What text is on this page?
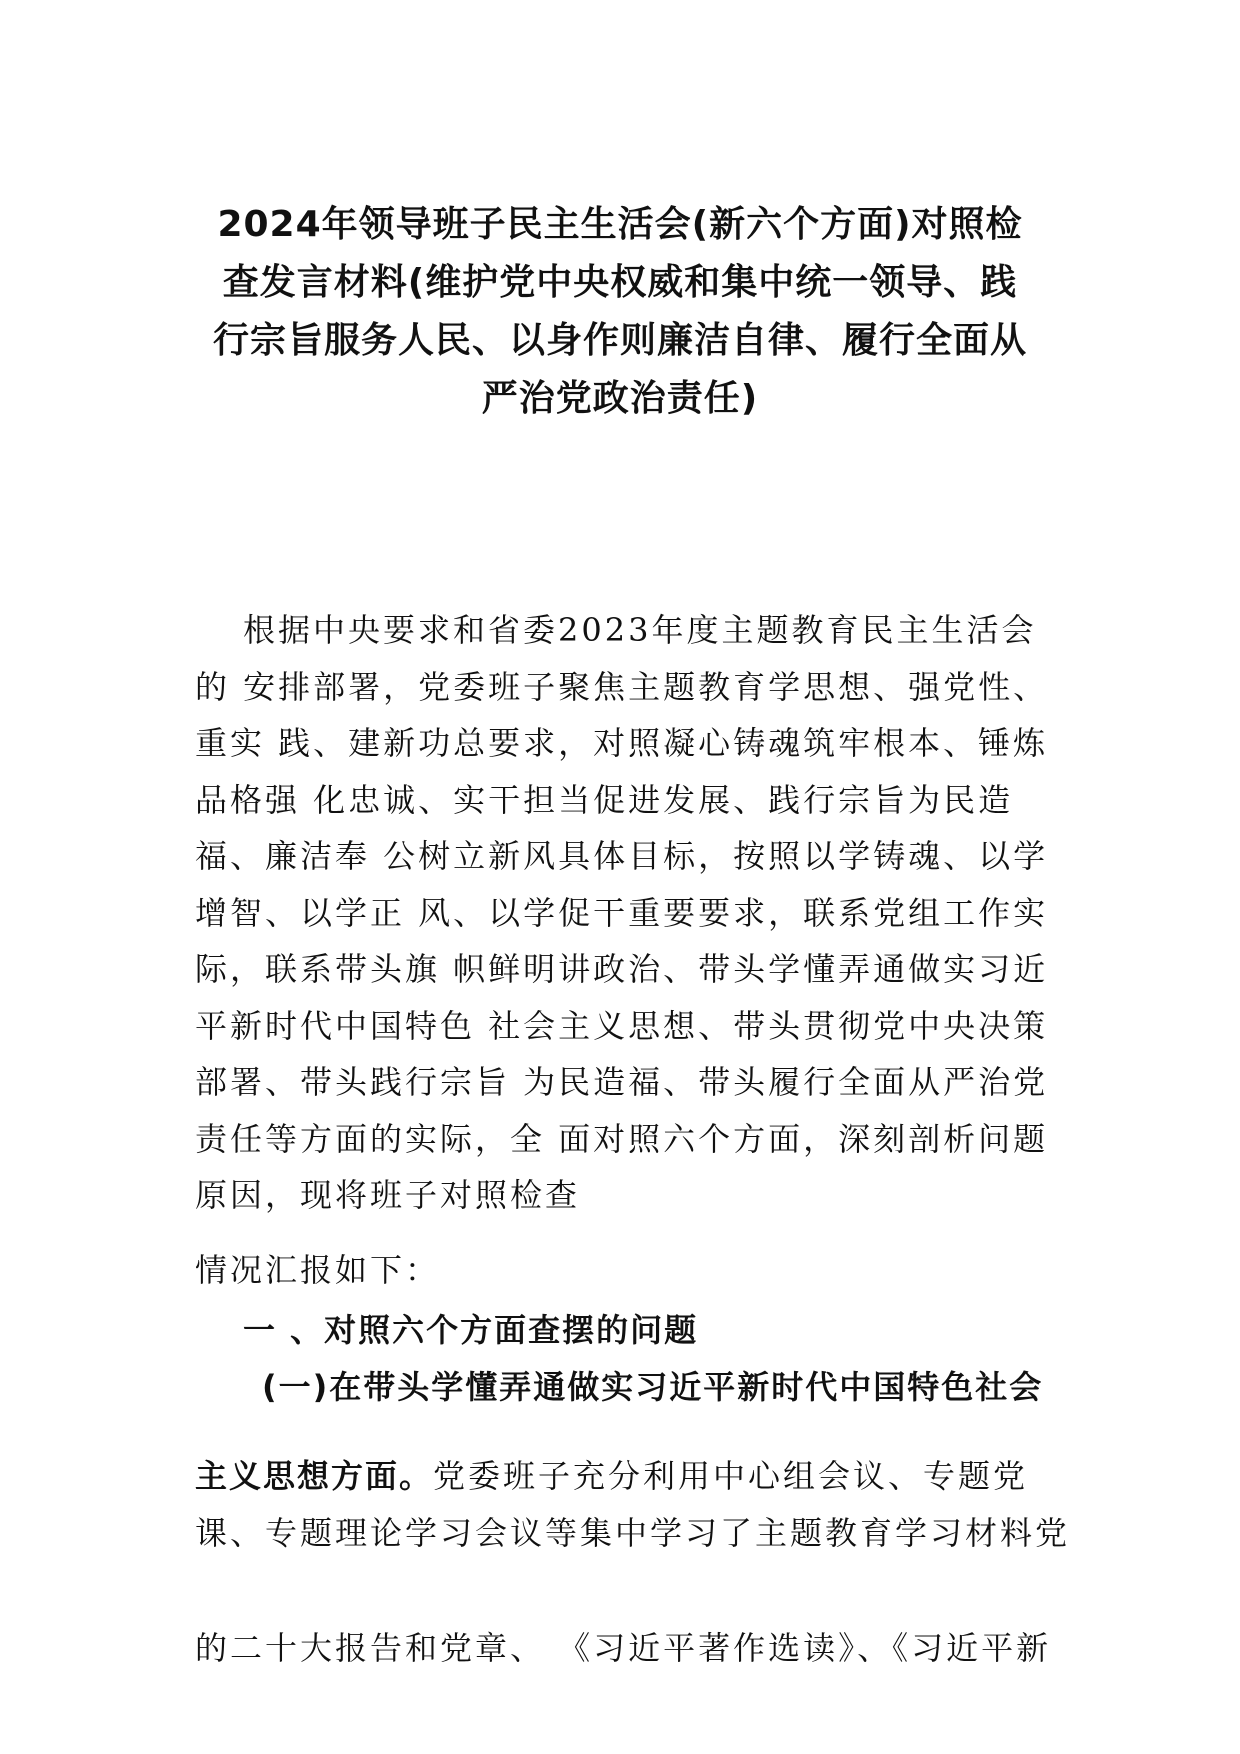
2024年领导班子民主生活会(新六个方面)对照检
查发言材料(维护党中央权威和集中统一领导、践
行宗旨服务人民、以身作则廉洁自律、履行全面从
严治党政治责任)

根据中央要求和省委2023年度主题教育民主生活会
的 安排部署，党委班子聚焦主题教育学思想、强党性、
重实 践、建新功总要求，对照凝心铸魂筑牢根本、锤炼
品格强 化忠诚、实干担当促进发展、践行宗旨为民造
福、廉洁奉 公树立新风具体目标，按照以学铸魂、以学
增智、以学正 风、以学促干重要要求，联系党组工作实
际，联系带头旗 帜鲜明讲政治、带头学懂弄通做实习近
平新时代中国特色 社会主义思想、带头贯彻党中央决策
部署、带头践行宗旨 为民造福、带头履行全面从严治党
责任等方面的实际，全 面对照六个方面，深刻剖析问题
原因，现将班子对照检查

情况汇报如下：
一 、对照六个方面查摆的问题
(一)在带头学懂弄通做实习近平新时代中国特色社会
主义思想方面。党委班子充分利用中心组会议、专题党
课、专题理论学习会议等集中学习了主题教育学习材料党
的二十大报告和党章、 《习近平著作选读》、《习近平新
